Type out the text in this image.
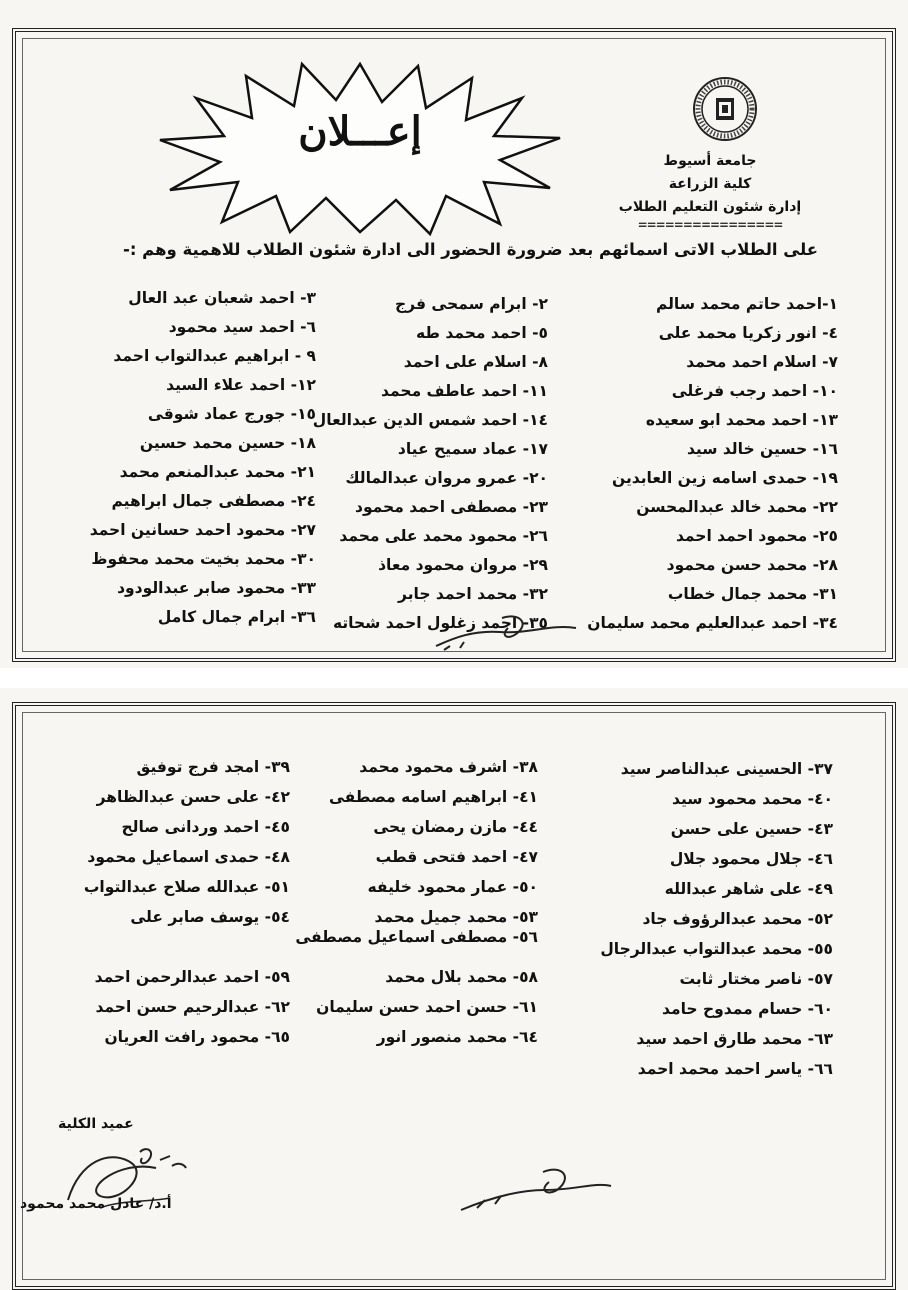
جامعة أسيوط
كلية الزراعة
إدارة شئون التعليم الطلاب
================
إعـــلان
على الطلاب الاتى اسمائهم بعد ضرورة الحضور الى ادارة شئون الطلاب للاهمية وهم :-
١-احمد حاتم محمد سالم
٤- انور زكريا محمد على
٧- اسلام احمد محمد
١٠- احمد رجب فرغلى
١٣- احمد محمد ابو سعيده
١٦- حسين خالد سيد
١٩- حمدى اسامه زين العابدين
٢٢- محمد خالد عبدالمحسن
٢٥- محمود احمد احمد
٢٨- محمد حسن محمود
٣١- محمد جمال خطاب
٣٤- احمد عبدالعليم محمد سليمان
٢- ابرام سمحى فرج
٥- احمد محمد طه
٨- اسلام على احمد
١١- احمد عاطف محمد
١٤- احمد شمس الدين عبدالعال
١٧- عماد سميح عياد
٢٠- عمرو مروان عبدالمالك
٢٣- مصطفى احمد محمود
٢٦- محمود محمد على محمد
٢٩- مروان محمود معاذ
٣٢- محمد احمد جابر
٣٥- احمد زغلول احمد شحاته
٣- احمد شعبان عبد العال
٦- احمد سيد محمود
٩ - ابراهيم عبدالتواب احمد
١٢- احمد علاء السيد
١٥- جورج عماد شوقى
١٨- حسين محمد حسين
٢١- محمد عبدالمنعم محمد
٢٤- مصطفى جمال ابراهيم
٢٧- محمود احمد حسانين احمد
٣٠- محمد بخيت محمد محفوظ
٣٣- محمود صابر عبدالودود
٣٦- ابرام جمال كامل
٣٧- الحسينى عبدالناصر سيد
٤٠- محمد محمود سيد
٤٣- حسين على حسن
٤٦- جلال محمود جلال
٤٩- على شاهر عبدالله
٥٢- محمد عبدالرؤوف جاد
٥٥- محمد عبدالتواب عبدالرجال
٥٧- ناصر مختار ثابت
٦٠- حسام ممدوح حامد
٦٣- محمد طارق احمد سيد
٦٦- ياسر احمد محمد احمد
٣٨- اشرف محمود محمد
٤١- ابراهيم اسامه مصطفى
٤٤- مازن رمضان يحى
٤٧- احمد فتحى قطب
٥٠- عمار محمود خليفه
٥٣- محمد جميل محمد
٥٨- محمد بلال محمد
٦١- حسن احمد حسن سليمان
٦٤- محمد منصور انور
٥٦- مصطفى اسماعيل مصطفى
٣٩- امجد فرج توفيق
٤٢- على حسن عبدالظاهر
٤٥- احمد وردانى صالح
٤٨- حمدى اسماعيل محمود
٥١- عبدالله صلاح عبدالتواب
٥٤- يوسف صابر على
٥٩- احمد عبدالرحمن احمد
٦٢- عبدالرحيم حسن احمد
٦٥- محمود رافت العريان
عميد الكلية
أ.د/ عادل محمد محمود
